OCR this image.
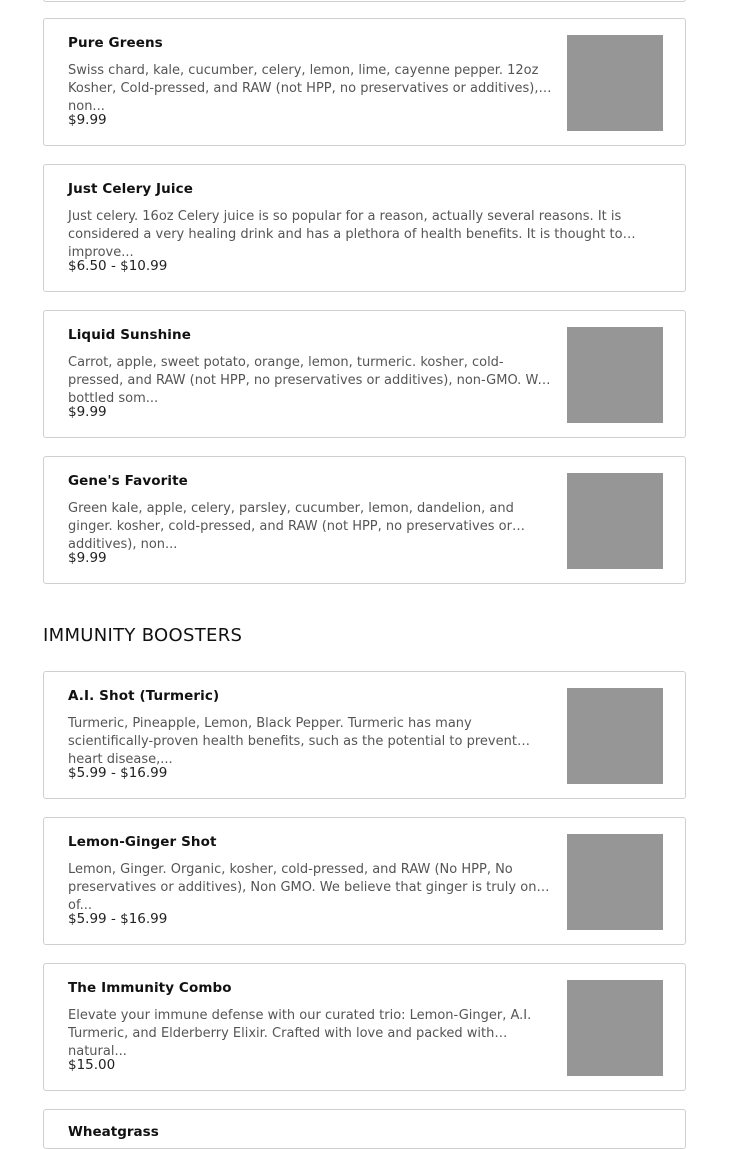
Pure Greens
Swiss chard, kale, cucumber, celery, lemon, lime, cayenne pepper. 12oz Kosher, Cold-pressed, and RAW (not HPP, no preservatives or additives), non...
$9.99
Just Celery Juice
Just celery. 16oz Celery juice is so popular for a reason, actually several reasons. It is considered a very healing drink and has a plethora of health benefits. It is thought to improve...
$6.50 - $10.99
Liquid Sunshine
Carrot, apple, sweet potato, orange, lemon, turmeric. kosher, cold-pressed, and RAW (not HPP, no preservatives or additives), non-GMO. We bottled som...
$9.99
Gene's Favorite
Green kale, apple, celery, parsley, cucumber, lemon, dandelion, and ginger. kosher, cold-pressed, and RAW (not HPP, no preservatives or additives), non...
$9.99
IMMUNITY BOOSTERS
A.I. Shot (Turmeric)
Turmeric, Pineapple, Lemon, Black Pepper. Turmeric has many scientifically-proven health benefits, such as the potential to prevent heart disease,...
$5.99 - $16.99
Lemon-Ginger Shot
Lemon, Ginger. Organic, kosher, cold-pressed, and RAW (No HPP, No preservatives or additives), Non GMO. We believe that ginger is truly one of...
$5.99 - $16.99
The Immunity Combo
Elevate your immune defense with our curated trio: Lemon-Ginger, A.I. Turmeric, and Elderberry Elixir. Crafted with love and packed with natural...
$15.00
Wheatgrass
